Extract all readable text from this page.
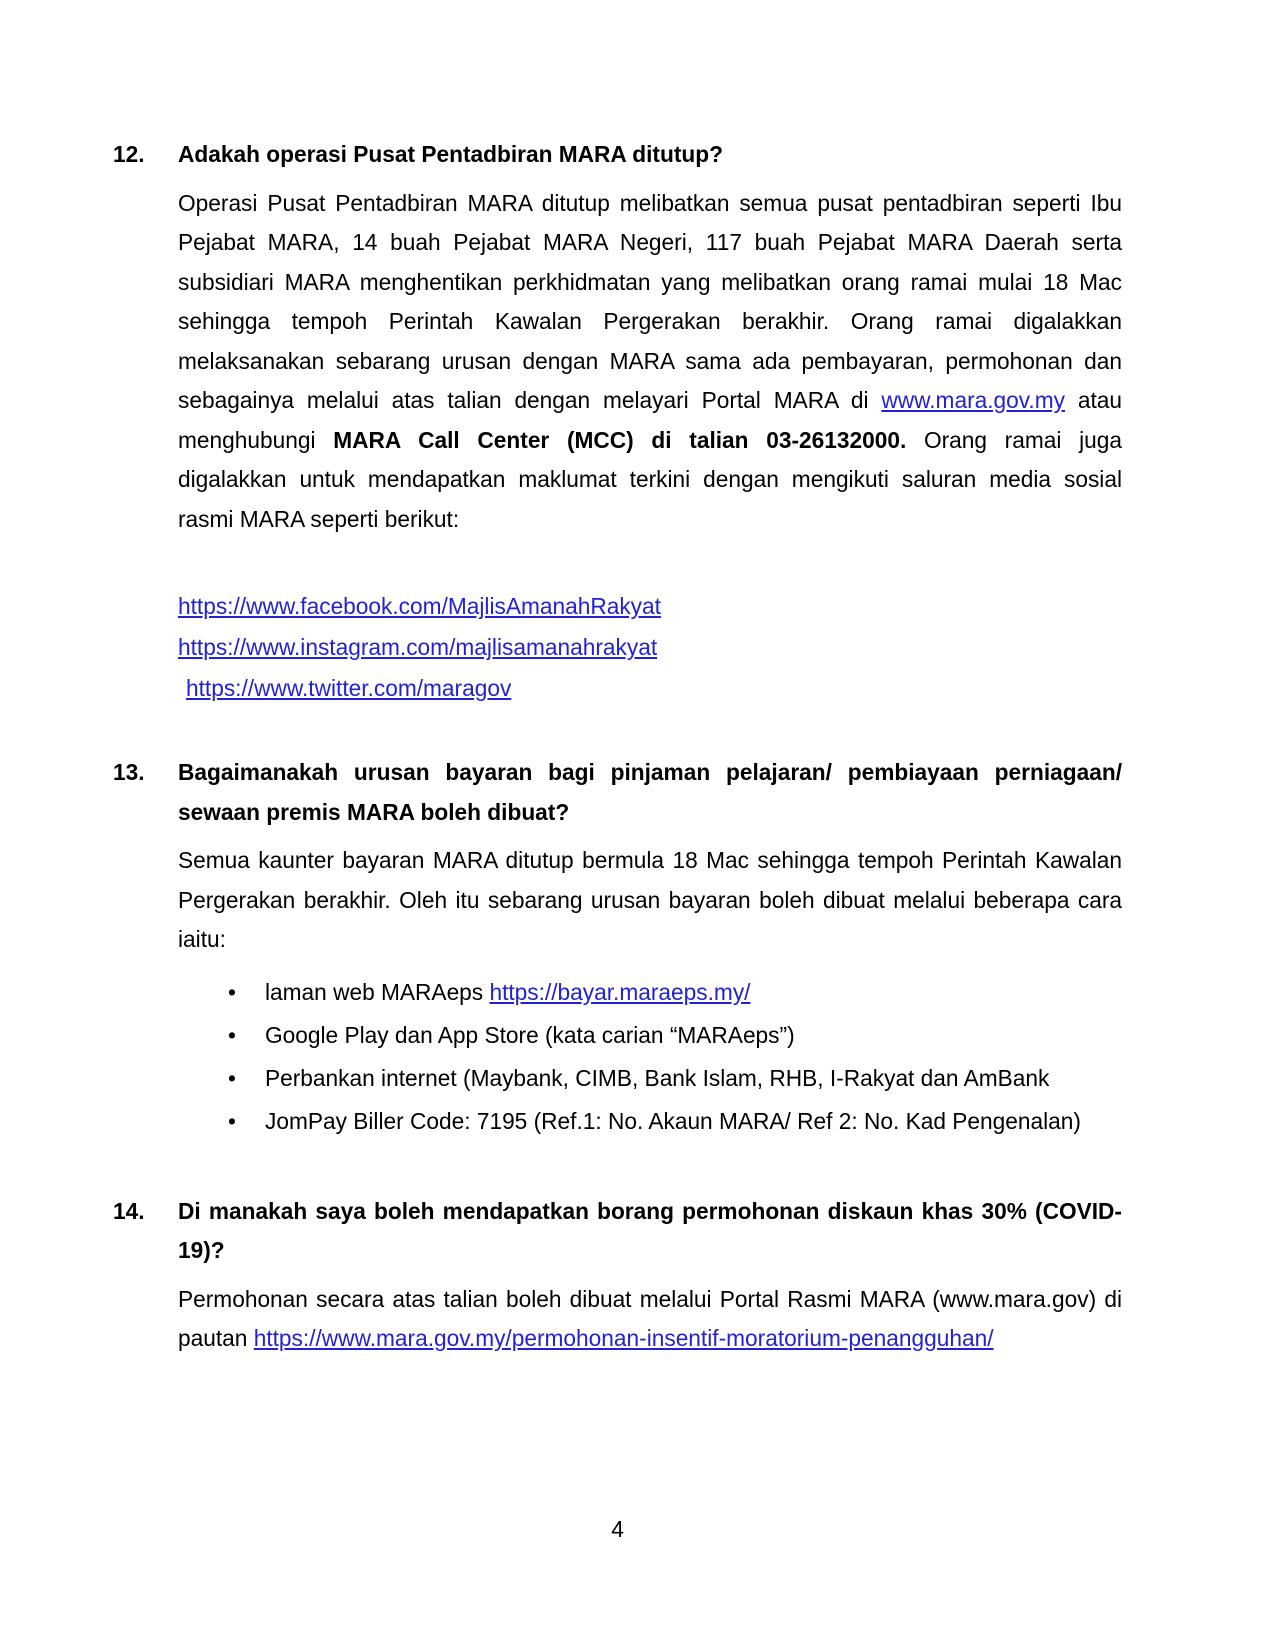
12.	Adakah operasi Pusat Pentadbiran MARA ditutup?
Operasi Pusat Pentadbiran MARA ditutup melibatkan semua pusat pentadbiran seperti Ibu Pejabat MARA, 14 buah Pejabat MARA Negeri, 117 buah Pejabat MARA Daerah serta subsidiari MARA menghentikan perkhidmatan yang melibatkan orang ramai mulai 18 Mac sehingga tempoh Perintah Kawalan Pergerakan berakhir. Orang ramai digalakkan melaksanakan sebarang urusan dengan MARA sama ada pembayaran, permohonan dan sebagainya melalui atas talian dengan melayari Portal MARA di www.mara.gov.my atau menghubungi MARA Call Center (MCC) di talian 03-26132000. Orang ramai juga digalakkan untuk mendapatkan maklumat terkini dengan mengikuti saluran media sosial rasmi MARA seperti berikut:
https://www.facebook.com/MajlisAmanahRakyat
https://www.instagram.com/majlisamanahrakyat
https://www.twitter.com/maragov
13.	Bagaimanakah urusan bayaran bagi pinjaman pelajaran/ pembiayaan perniagaan/ sewaan premis MARA boleh dibuat?
Semua kaunter bayaran MARA ditutup bermula 18 Mac sehingga tempoh Perintah Kawalan Pergerakan berakhir. Oleh itu sebarang urusan bayaran boleh dibuat melalui beberapa cara iaitu:
• laman web MARAeps https://bayar.maraeps.my/
• Google Play dan App Store (kata carian “MARAeps”)
• Perbankan internet (Maybank, CIMB, Bank Islam, RHB, I-Rakyat dan AmBank
• JomPay Biller Code: 7195 (Ref.1: No. Akaun MARA/ Ref 2: No. Kad Pengenalan)
14.	Di manakah saya boleh mendapatkan borang permohonan diskaun khas 30% (COVID-19)?
Permohonan secara atas talian boleh dibuat melalui Portal Rasmi MARA (www.mara.gov) di pautan https://www.mara.gov.my/permohonan-insentif-moratorium-penangguhan/
4
